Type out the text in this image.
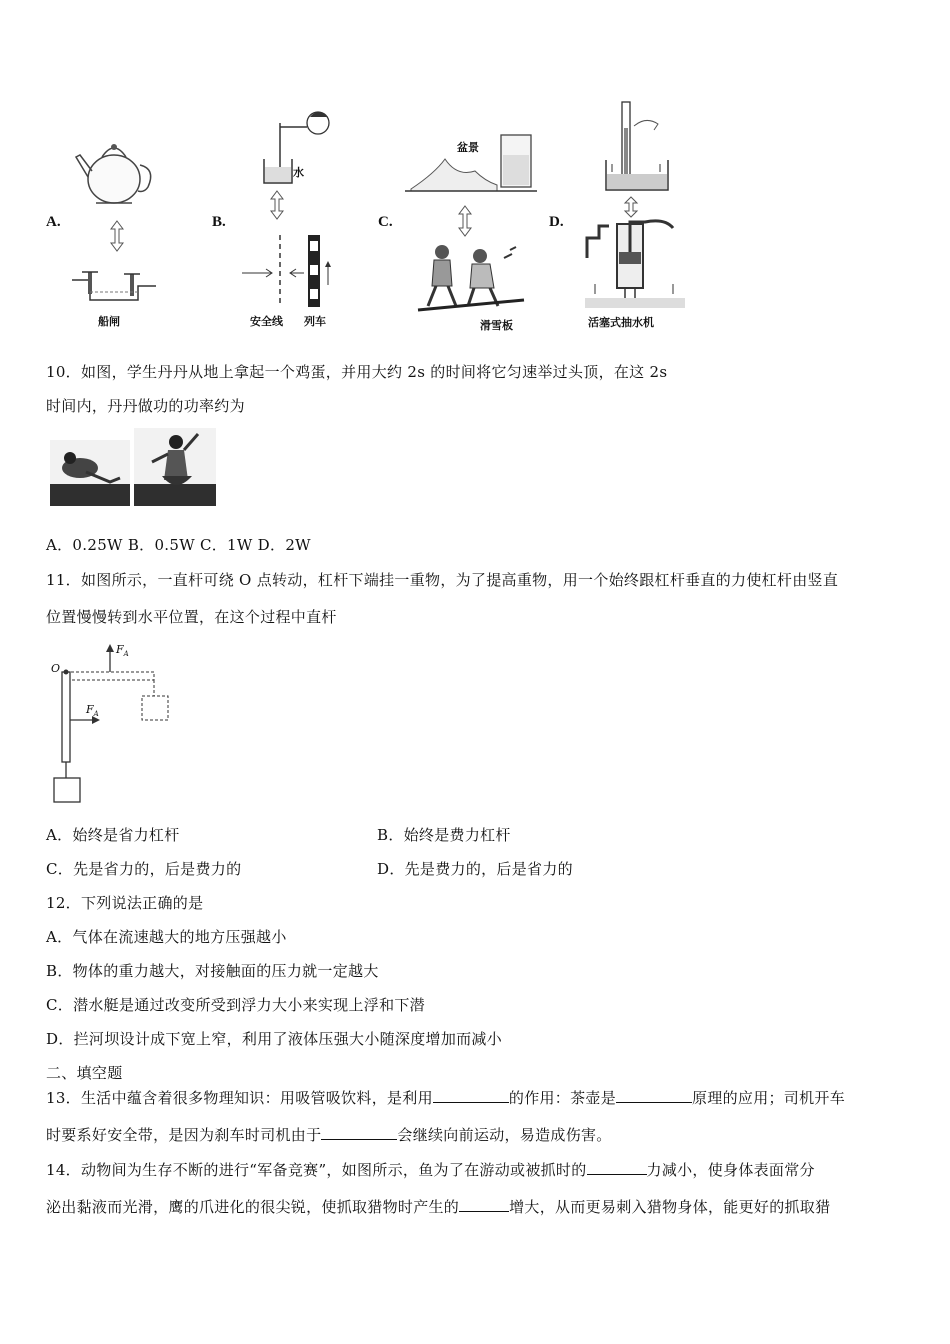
A.
船闸
B.
水
安全线 列车
C.
盆景
滑雪板
D.
活塞式抽水机
10．如图，学生丹丹从地上拿起一个鸡蛋，并用大约 2s 的时间将它匀速举过头顶，在这 2s
时间内，丹丹做功的功率约为
A．0.25W B．0.5W C．1W D．2W
11．如图所示，一直杆可绕 O 点转动，杠杆下端挂一重物，为了提高重物，用一个始终跟杠杆垂直的力使杠杆由竖直
位置慢慢转到水平位置，在这个过程中直杆
O
$F_A$
$F_A$
A．始终是省力杠杆	B．始终是费力杠杆
C．先是省力的，后是费力的	D．先是费力的，后是省力的
12．下列说法正确的是
A．气体在流速越大的地方压强越小
B．物体的重力越大，对接触面的压力就一定越大
C．潜水艇是通过改变所受到浮力大小来实现上浮和下潜
D．拦河坝设计成下宽上窄，利用了液体压强大小随深度增加而减小
二、填空题
13．生活中蕴含着很多物理知识：用吸管吸饮料，是利用	的作用：茶壶是	原理的应用；司机开车
时要系好安全带，是因为刹车时司机由于	会继续向前运动，易造成伤害。
14．动物间为生存不断的进行“军备竞赛”，如图所示，鱼为了在游动或被抓时的	力减小，使身体表面常分
泌出黏液而光滑，鹰的爪进化的很尖锐，使抓取猎物时产生的	增大，从而更易刺入猎物身体，能更好的抓取猎
